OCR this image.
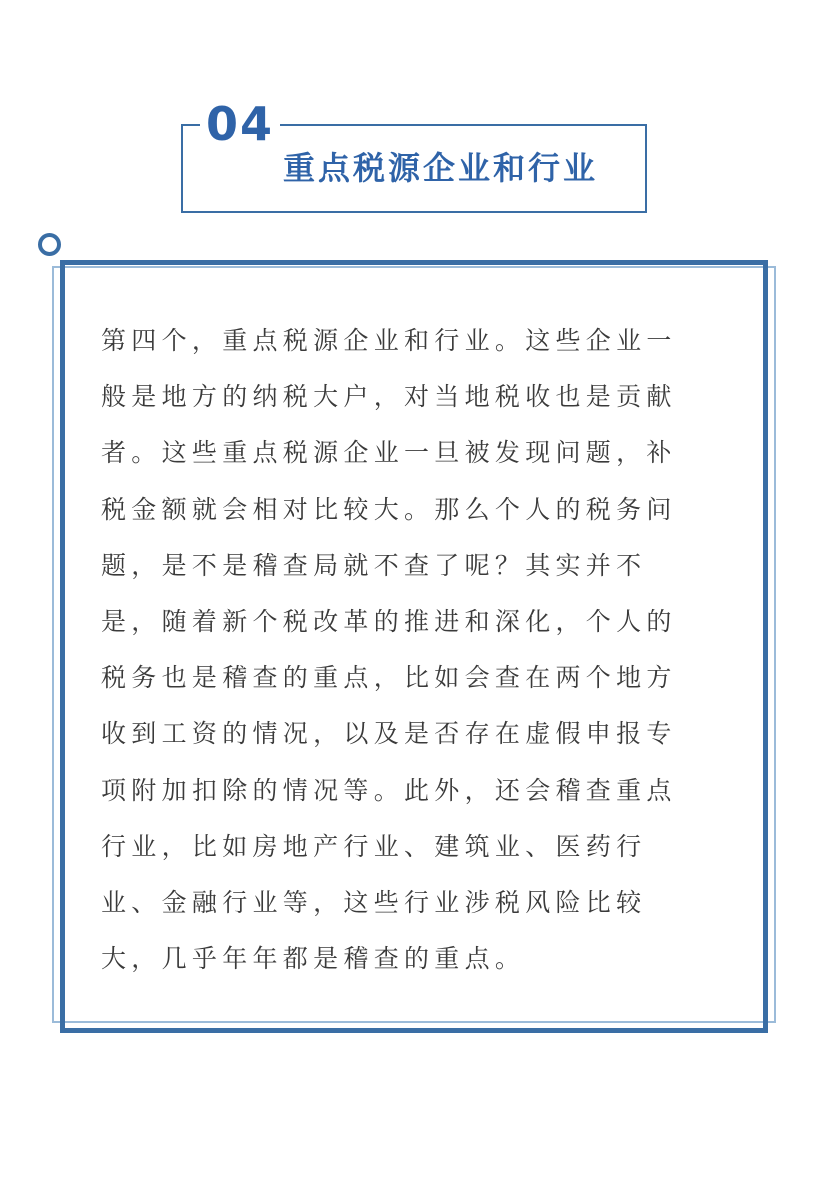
04
重点税源企业和行业

第四个，重点税源企业和行业。这些企业一
般是地方的纳税大户，对当地税收也是贡献
者。这些重点税源企业一旦被发现问题，补
税金额就会相对比较大。那么个人的税务问
题，是不是稽查局就不查了呢？其实并不
是，随着新个税改革的推进和深化，个人的
税务也是稽查的重点，比如会查在两个地方
收到工资的情况，以及是否存在虚假申报专
项附加扣除的情况等。此外，还会稽查重点
行业，比如房地产行业、建筑业、医药行
业、金融行业等，这些行业涉税风险比较
大，几乎年年都是稽查的重点。
